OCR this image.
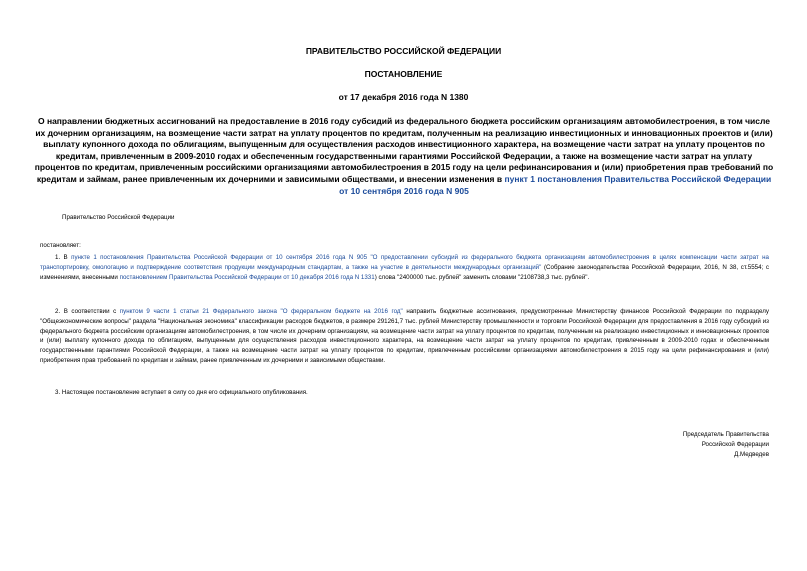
ПРАВИТЕЛЬСТВО РОССИЙСКОЙ ФЕДЕРАЦИИ
ПОСТАНОВЛЕНИЕ
от 17 декабря 2016 года N 1380
О направлении бюджетных ассигнований на предоставление в 2016 году субсидий из федерального бюджета российским организациям автомобилестроения, в том числе их дочерним организациям, на возмещение части затрат на уплату процентов по кредитам, полученным на реализацию инвестиционных и инновационных проектов и (или) выплату купонного дохода по облигациям, выпущенным для осуществления расходов инвестиционного характера, на возмещение части затрат на уплату процентов по кредитам, привлеченным в 2009-2010 годах и обеспеченным государственными гарантиями Российской Федерации, а также на возмещение части затрат на уплату процентов по кредитам, привлеченным российскими организациями автомобилестроения в 2015 году на цели рефинансирования и (или) приобретения прав требований по кредитам и займам, ранее привлеченным их дочерними и зависимыми обществами, и внесении изменения в пункт 1 постановления Правительства Российской Федерации от 10 сентября 2016 года N 905
Правительство Российской Федерации
постановляет:
1. В пункте 1 постановления Правительства Российской Федерации от 10 сентября 2016 года N 905 "О предоставлении субсидий из федерального бюджета организациям автомобилестроения в целях компенсации части затрат на транспортировку, омологацию и подтверждение соответствия продукции международным стандартам, а также на участие в деятельности международных организаций" (Собрание законодательства Российской Федерации, 2016, N 38, ст.5554; с изменениями, внесенными постановлением Правительства Российской Федерации от 10 декабря 2016 года N 1331) слова "2400000 тыс. рублей" заменить словами "2108738,3 тыс. рублей".
2. В соответствии с пунктом 9 части 1 статьи 21 Федерального закона "О федеральном бюджете на 2016 год" направить бюджетные ассигнования, предусмотренные Министерству финансов Российской Федерации по подразделу "Общеэкономические вопросы" раздела "Национальная экономика" классификации расходов бюджетов, в размере 291261,7 тыс. рублей Министерству промышленности и торговли Российской Федерации для предоставления в 2016 году субсидий из федерального бюджета российским организациям автомобилестроения, в том числе их дочерним организациям, на возмещение части затрат на уплату процентов по кредитам, полученным на реализацию инвестиционных и инновационных проектов и (или) выплату купонного дохода по облигациям, выпущенным для осуществления расходов инвестиционного характера, на возмещение части затрат на уплату процентов по кредитам, привлеченным в 2009-2010 годах и обеспеченным государственными гарантиями Российской Федерации, а также на возмещение части затрат на уплату процентов по кредитам, привлеченным российскими организациями автомобилестроения в 2015 году на цели рефинансирования и (или) приобретения прав требований по кредитам и займам, ранее привлеченным их дочерними и зависимыми обществами.
3. Настоящее постановление вступает в силу со дня его официального опубликования.
Председатель Правительства
Российской Федерации
Д.Медведев
